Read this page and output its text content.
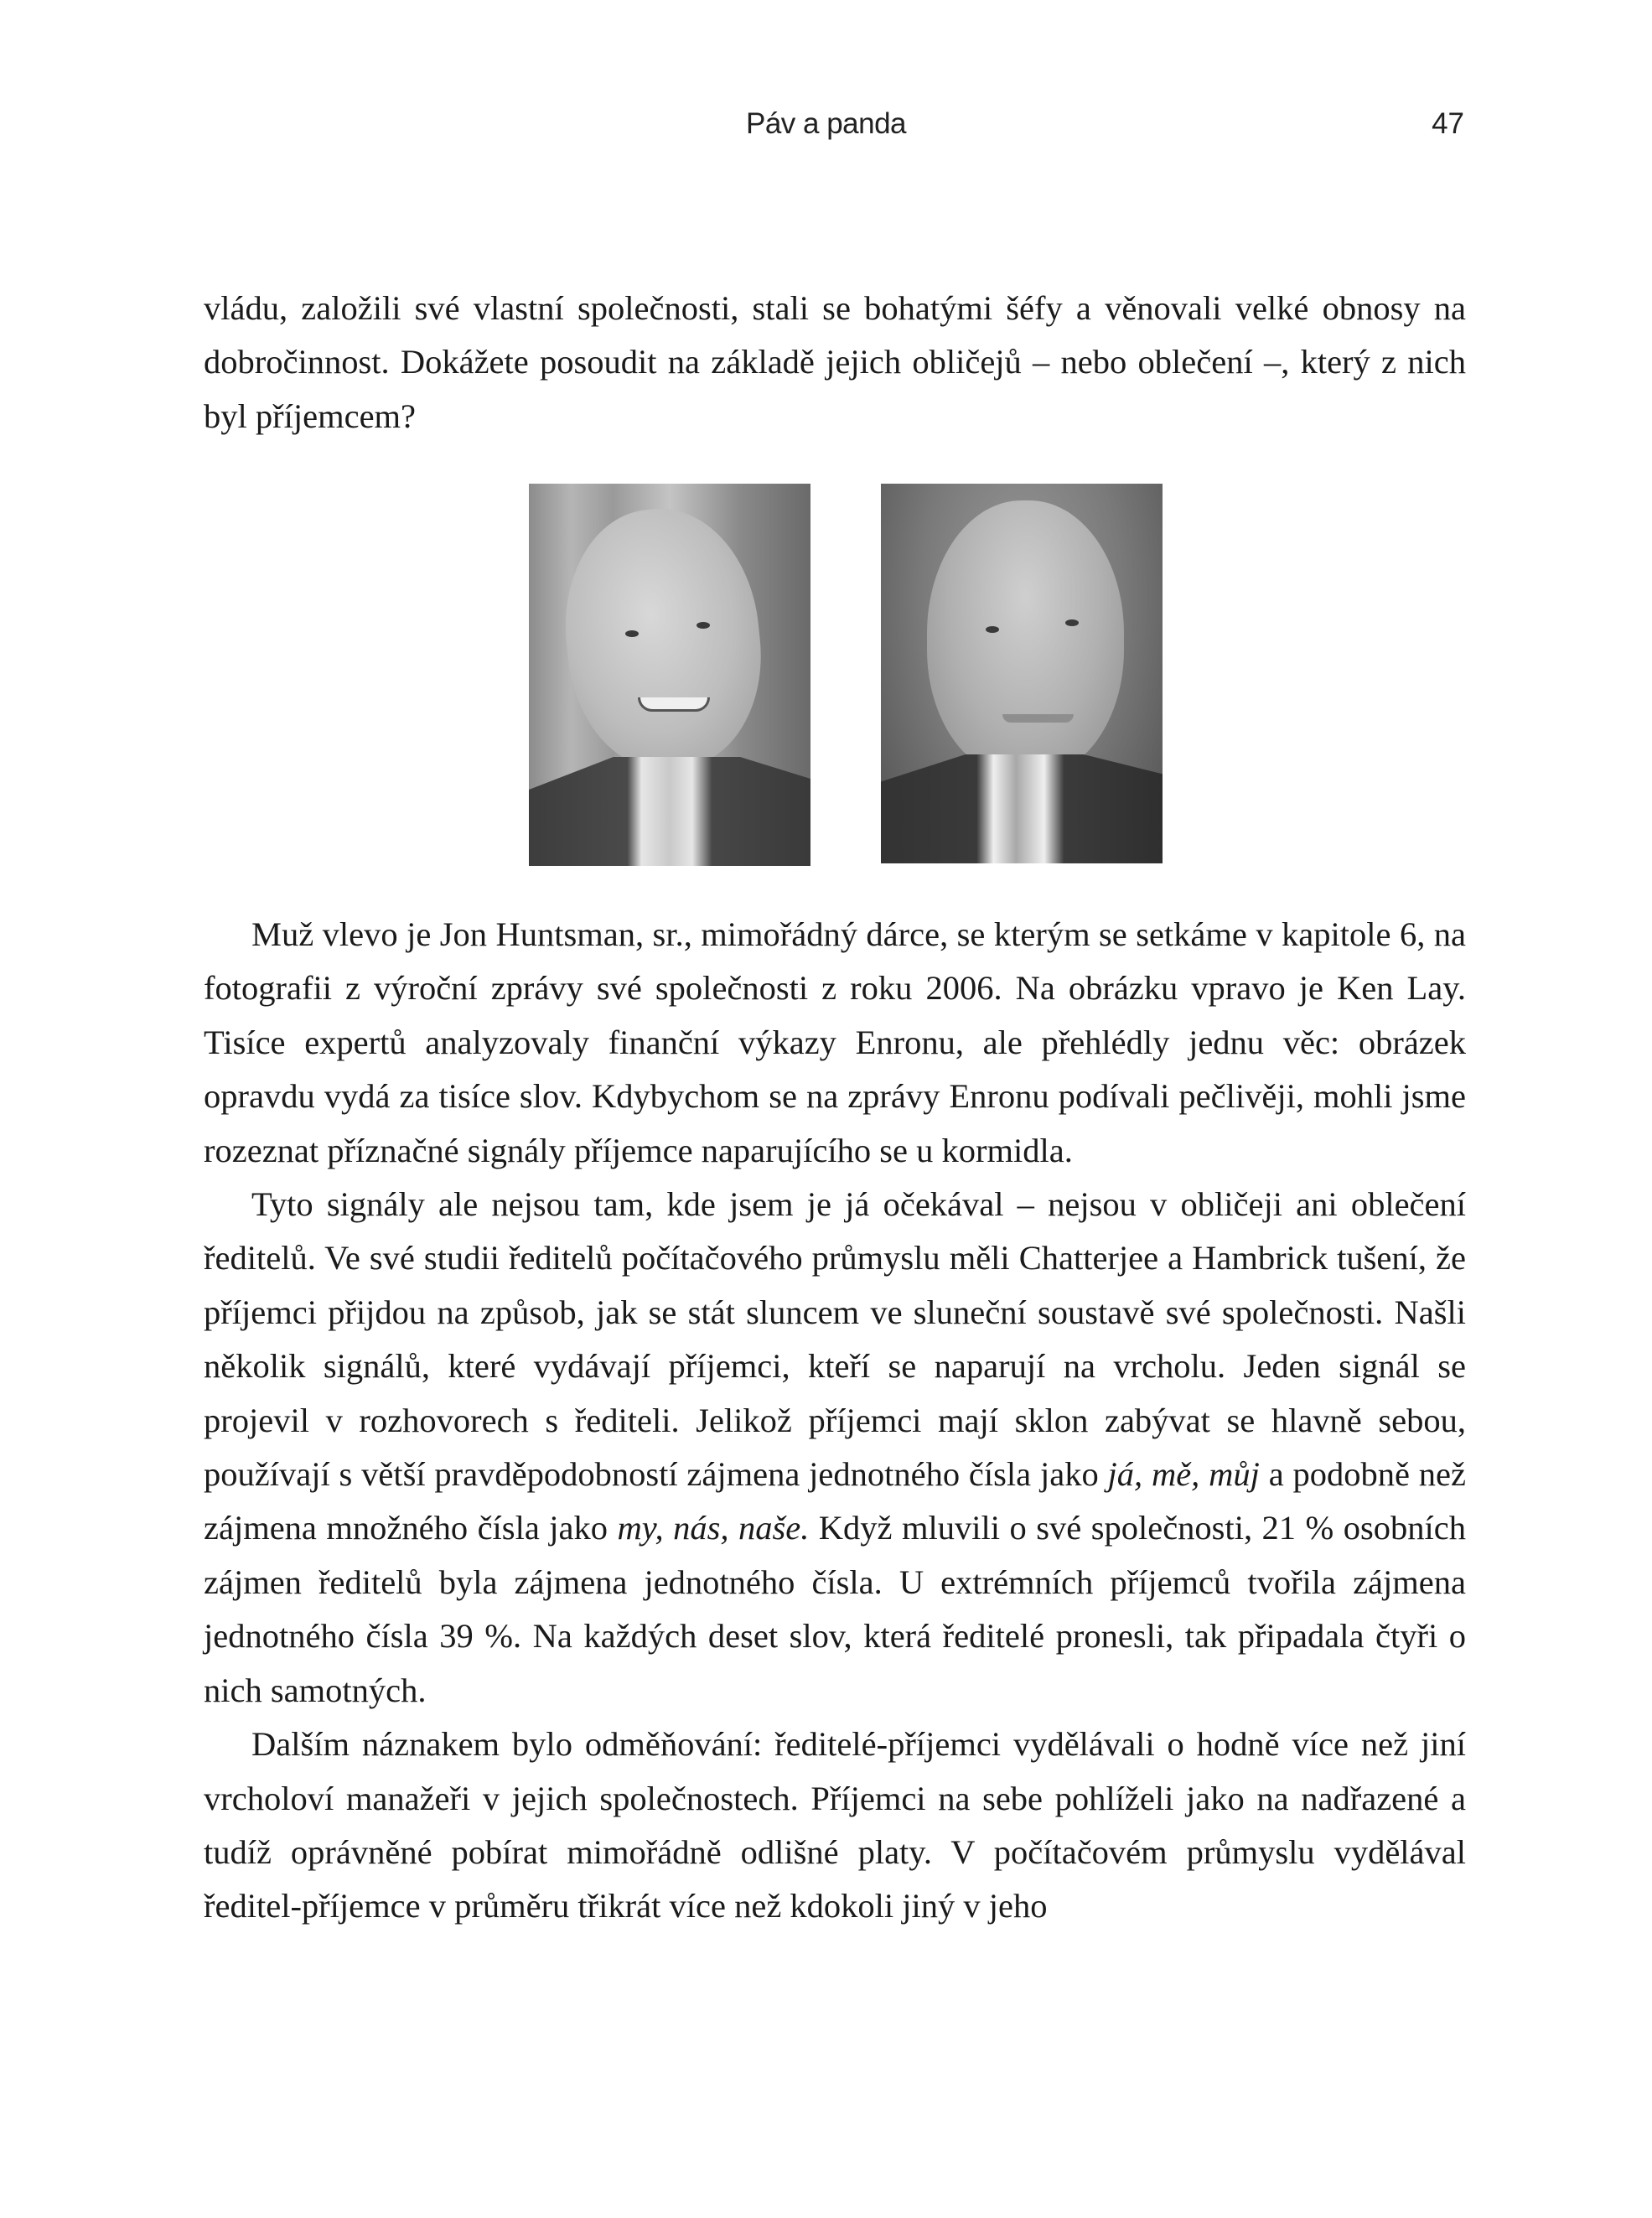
Páv a panda	47

vládu, založili své vlastní společnosti, stali se bohatými šéfy a věnovali velké obnosy na dobročinnost. Dokážete posoudit na základě jejich obličejů – nebo oblečení –, který z nich byl příjemcem?

Muž vlevo je Jon Huntsman, sr., mimořádný dárce, se kterým se setkáme v kapitole 6, na fotografii z výroční zprávy své společnosti z roku 2006. Na obrázku vpravo je Ken Lay. Tisíce expertů analyzovaly finanční výkazy Enronu, ale přehlédly jednu věc: obrázek opravdu vydá za tisíce slov. Kdybychom se na zprávy Enronu podívali pečlivěji, mohli jsme rozeznat příznačné signály příjemce naparujícího se u kormidla.

Tyto signály ale nejsou tam, kde jsem je já očekával – nejsou v obličeji ani oblečení ředitelů. Ve své studii ředitelů počítačového průmyslu měli Chatterjee a Hambrick tušení, že příjemci přijdou na způsob, jak se stát sluncem ve sluneční soustavě své společnosti. Našli několik signálů, které vydávají příjemci, kteří se naparují na vrcholu. Jeden signál se projevil v rozhovorech s řediteli. Jelikož příjemci mají sklon zabývat se hlavně sebou, používají s větší pravděpodobností zájmena jednotného čísla jako já, mě, můj a podobně než zájmena množného čísla jako my, nás, naše. Když mluvili o své společnosti, 21 % osobních zájmen ředitelů byla zájmena jednotného čísla. U extrémních příjemců tvořila zájmena jednotného čísla 39 %. Na každých deset slov, která ředitelé pronesli, tak připadala čtyři o nich samotných.

Dalším náznakem bylo odměňování: ředitelé-příjemci vydělávali o hodně více než jiní vrcholoví manažeři v jejich společnostech. Příjemci na sebe pohlíželi jako na nadřazené a tudíž oprávněné pobírat mimořádně odlišné platy. V počítačovém průmyslu vydělával ředitel-příjemce v průměru třikrát více než kdokoli jiný v jeho
